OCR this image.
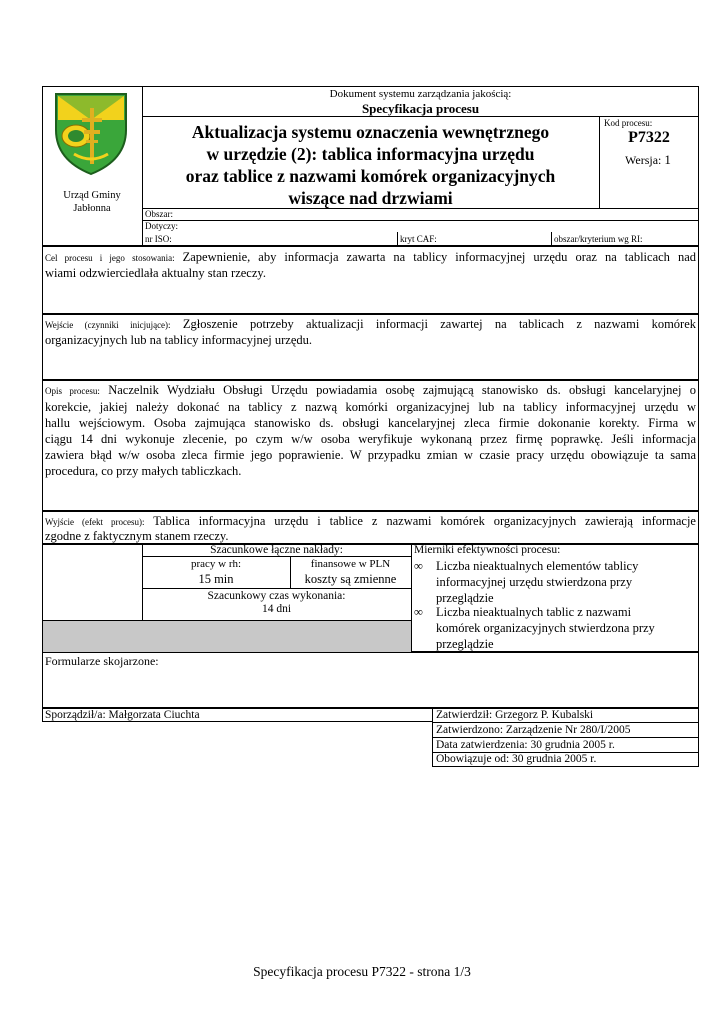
Urząd Gminy
Jabłonna
Dokument systemu zarządzania jakością:
Specyfikacja procesu
Aktualizacja systemu oznaczenia wewnętrznego
w urzędzie (2): tablica informacyjna urzędu
oraz tablice z nazwami komórek organizacyjnych
wiszące nad drzwiami
Kod procesu:
P7322
Wersja: 1
Obszar:
Dotyczy:
nr ISO:	kryt CAF:	obszar/kryterium wg RI:
Cel procesu i jego stosowania: Zapewnienie, aby informacja zawarta na tablicy informacyjnej urzędu oraz na tablicach nad
wiami odzwierciedlała aktualny stan rzeczy.
Wejście (czynniki inicjujące): Zgłoszenie potrzeby aktualizacji informacji zawartej na tablicach z nazwami komórek
organizacyjnych lub na tablicy informacyjnej urzędu.
Opis procesu: Naczelnik Wydziału Obsługi Urzędu powiadamia osobę zajmującą stanowisko ds. obsługi kancelaryjnej o
korekcie, jakiej należy dokonać na tablicy z nazwą komórki organizacyjnej lub na tablicy informacyjnej urzędu w
hallu wejściowym. Osoba zajmująca stanowisko ds. obsługi kancelaryjnej zleca firmie dokonanie korekty. Firma w
ciągu 14 dni wykonuje zlecenie, po czym w/w osoba weryfikuje wykonaną przez firmę poprawkę. Jeśli informacja
zawiera błąd w/w osoba zleca firmie jego poprawienie. W przypadku zmian w czasie pracy urzędu obowiązuje ta sama
procedura, co przy małych tabliczkach.
Wyjście (efekt procesu): Tablica informacyjna urzędu i tablice z nazwami komórek organizacyjnych zawierają informacje
zgodne z faktycznym stanem rzeczy.
Szacunkowe łączne nakłady:
pracy w rh:
15 min
finansowe w PLN
koszty są zmienne
Szacunkowy czas wykonania:
14 dni
Mierniki efektywności procesu:
∞ Liczba nieaktualnych elementów tablicy
informacyjnej urzędu stwierdzona przy
przeglądzie
∞ Liczba nieaktualnych tablic z nazwami
komórek organizacyjnych stwierdzona przy
przeglądzie
Formularze skojarzone:
Sporządził/a: Małgorzata Ciuchta	Zatwierdził: Grzegorz P. Kubalski
Zatwierdzono: Zarządzenie Nr 280/I/2005
Data zatwierdzenia: 30 grudnia 2005 r.
Obowiązuje od: 30 grudnia 2005 r.
Specyfikacja procesu P7322 - strona 1/3
